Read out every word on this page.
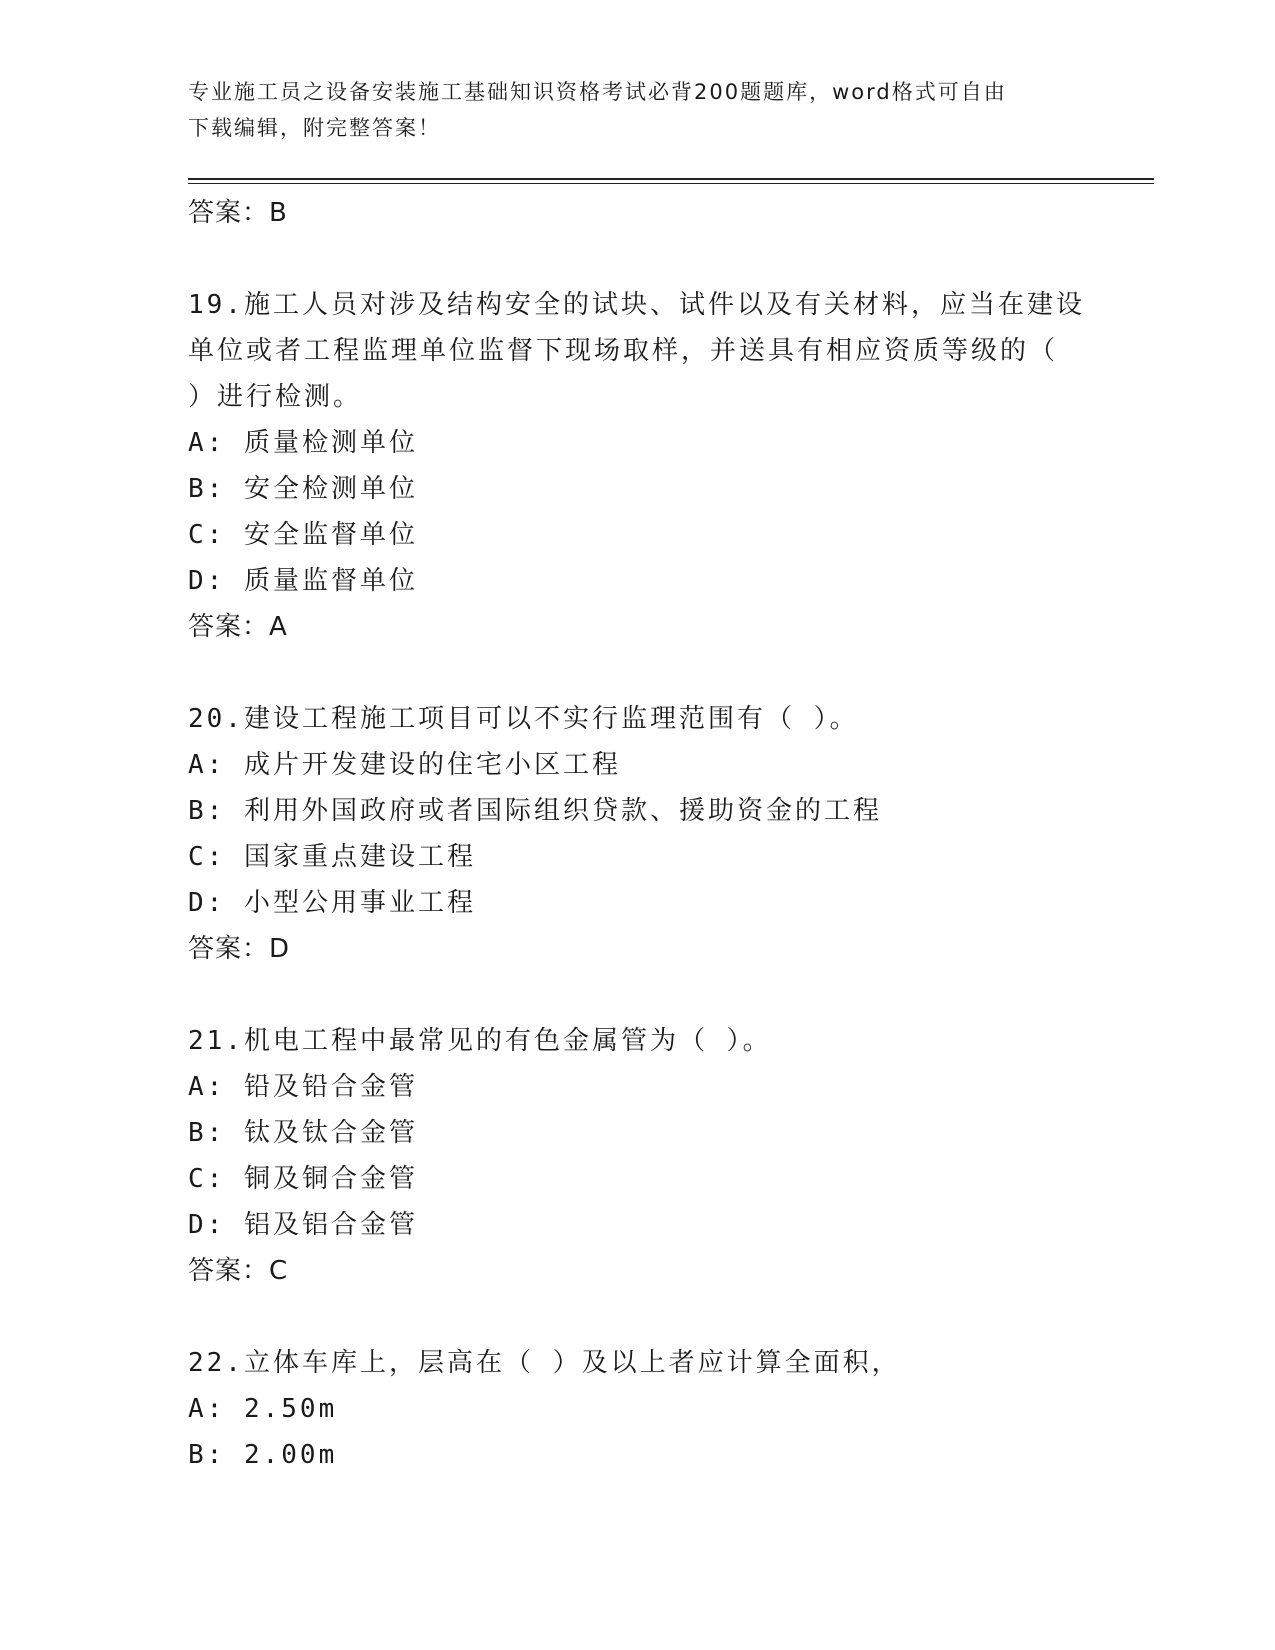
专业施工员之设备安装施工基础知识资格考试必背200题题库，word格式可自由
下载编辑，附完整答案！
答案：B
19.施工人员对涉及结构安全的试块、试件以及有关材料，应当在建设
单位或者工程监理单位监督下现场取样，并送具有相应资质等级的（
）进行检测。
A: 质量检测单位
B: 安全检测单位
C: 安全监督单位
D: 质量监督单位
答案：A
20.建设工程施工项目可以不实行监理范围有（ ）。
A: 成片开发建设的住宅小区工程
B: 利用外国政府或者国际组织贷款、援助资金的工程
C: 国家重点建设工程
D: 小型公用事业工程
答案：D
21.机电工程中最常见的有色金属管为（ ）。
A: 铅及铅合金管
B: 钛及钛合金管
C: 铜及铜合金管
D: 铝及铝合金管
答案：C
22.立体车库上，层高在（ ）及以上者应计算全面积，
A: 2.50m
B: 2.00m
